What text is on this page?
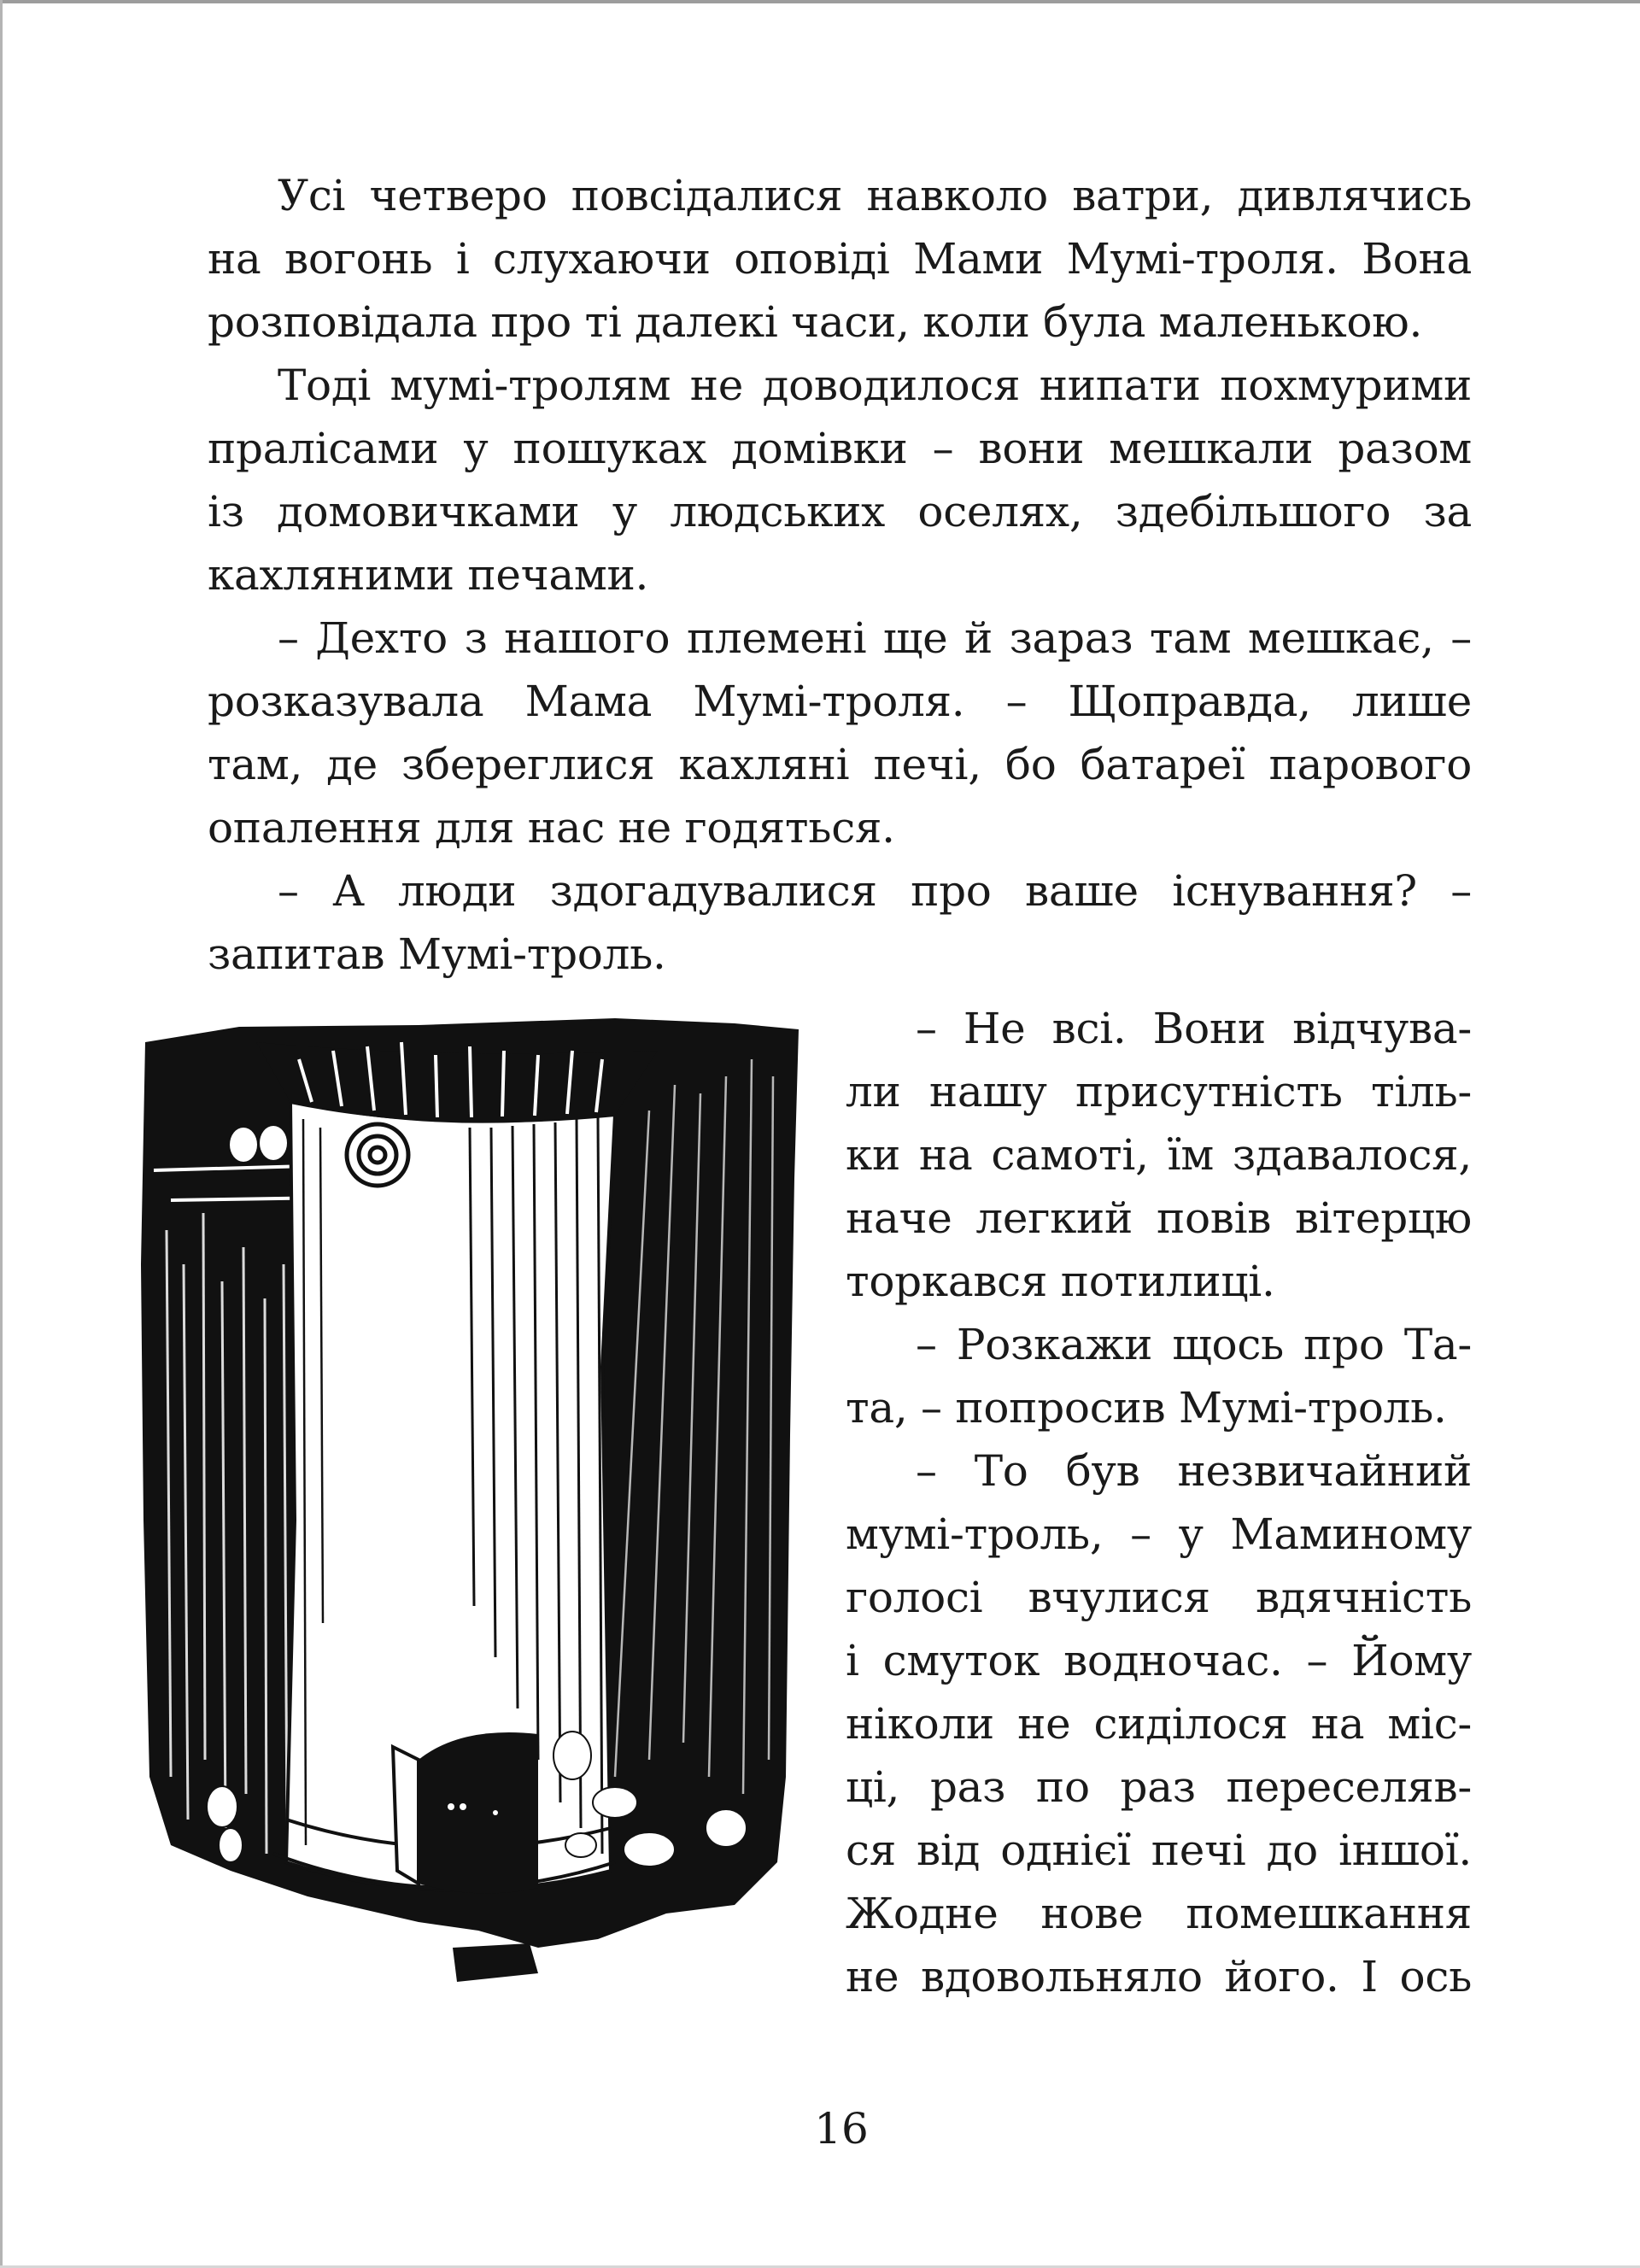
Усі четверо повсідалися навколо ватри, дивлячись
на вогонь і слухаючи оповіді Мами Мумі-троля. Вона
розповідала про ті далекі часи, коли була маленькою.
Тоді мумі-тролям не доводилося нипати похмурими
пралісами у пошуках домівки – вони мешкали разом
із домовичками у людських оселях, здебільшого за
кахляними печами.
– Дехто з нашого племені ще й зараз там мешкає, –
розказувала Мама Мумі-троля. – Щоправда, лише
там, де збереглися кахляні печі, бо батареї парового
опалення для нас не годяться.
– А люди здогадувалися про ваше існування? –
запитав Мумі-троль.
– Не всі. Вони відчува-
ли нашу присутність тіль-
ки на самоті, їм здавалося,
наче легкий повів вітерцю
торкався потилиці.
– Розкажи щось про Та-
та, – попросив Мумі-троль.
– То був незвичайний
мумі-троль, – у Маминому
голосі вчулися вдячність
і смуток водночас. – Йому
ніколи не сиділося на міс-
ці, раз по раз переселяв-
ся від однієї печі до іншої.
Жодне нове помешкання
не вдовольняло його. І ось
16
